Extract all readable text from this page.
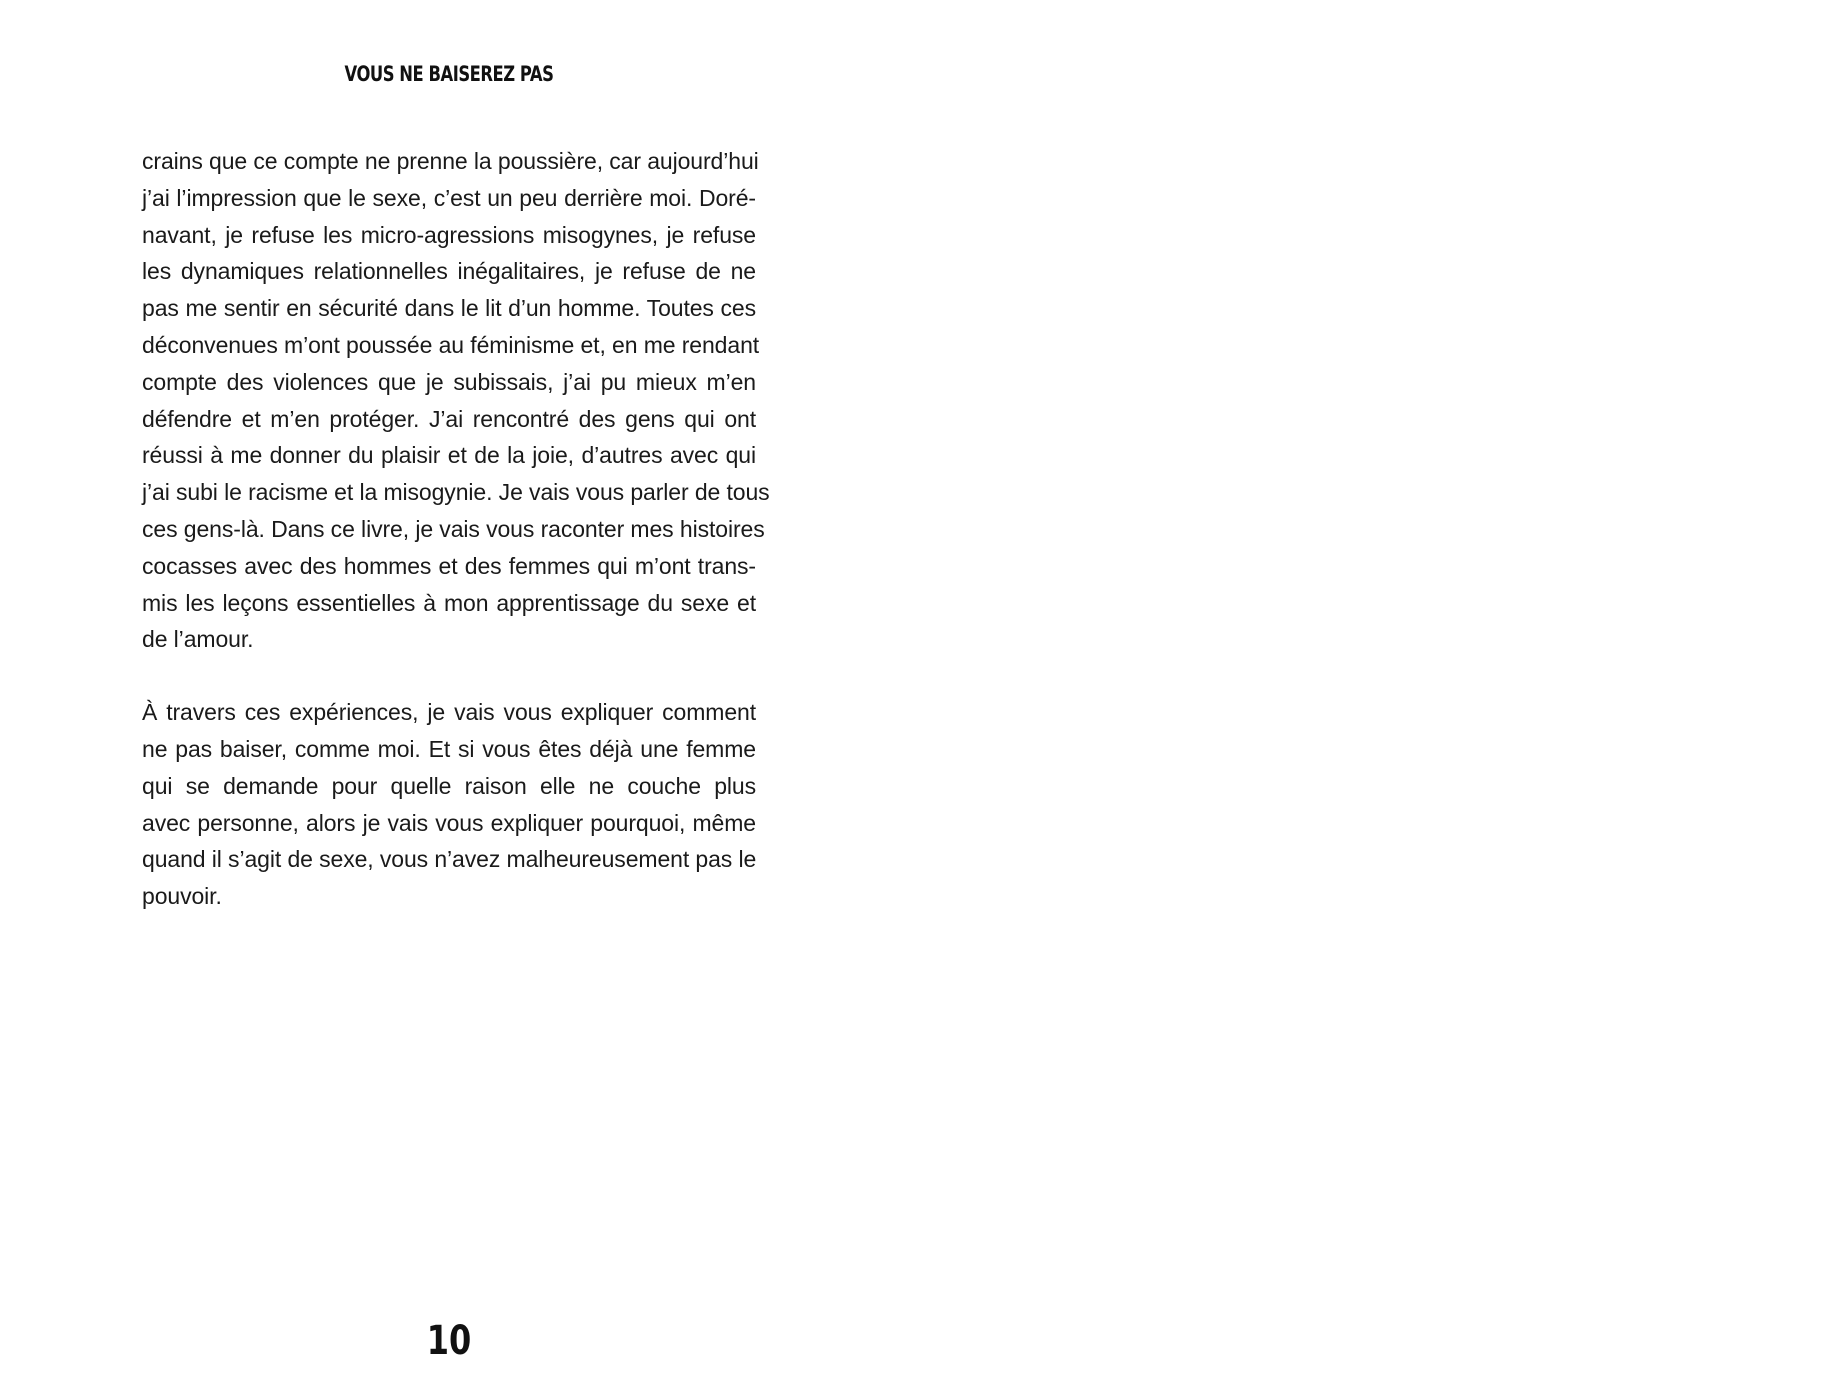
VOUS NE BAISEREZ PAS

crains que ce compte ne prenne la poussière, car aujourd’hui
j’ai l’impression que le sexe, c’est un peu derrière moi. Doré-
navant, je refuse les micro-agressions misogynes, je refuse
les dynamiques relationnelles inégalitaires, je refuse de ne
pas me sentir en sécurité dans le lit d’un homme. Toutes ces
déconvenues m’ont poussée au féminisme et, en me rendant
compte des violences que je subissais, j’ai pu mieux m’en
défendre et m’en protéger. J’ai rencontré des gens qui ont
réussi à me donner du plaisir et de la joie, d’autres avec qui
j’ai subi le racisme et la misogynie. Je vais vous parler de tous
ces gens-là. Dans ce livre, je vais vous raconter mes histoires
cocasses avec des hommes et des femmes qui m’ont trans-
mis les leçons essentielles à mon apprentissage du sexe et
de l’amour.

À travers ces expériences, je vais vous expliquer comment
ne pas baiser, comme moi. Et si vous êtes déjà une femme
qui se demande pour quelle raison elle ne couche plus
avec personne, alors je vais vous expliquer pourquoi, même
quand il s’agit de sexe, vous n’avez malheureusement pas le
pouvoir.

10
